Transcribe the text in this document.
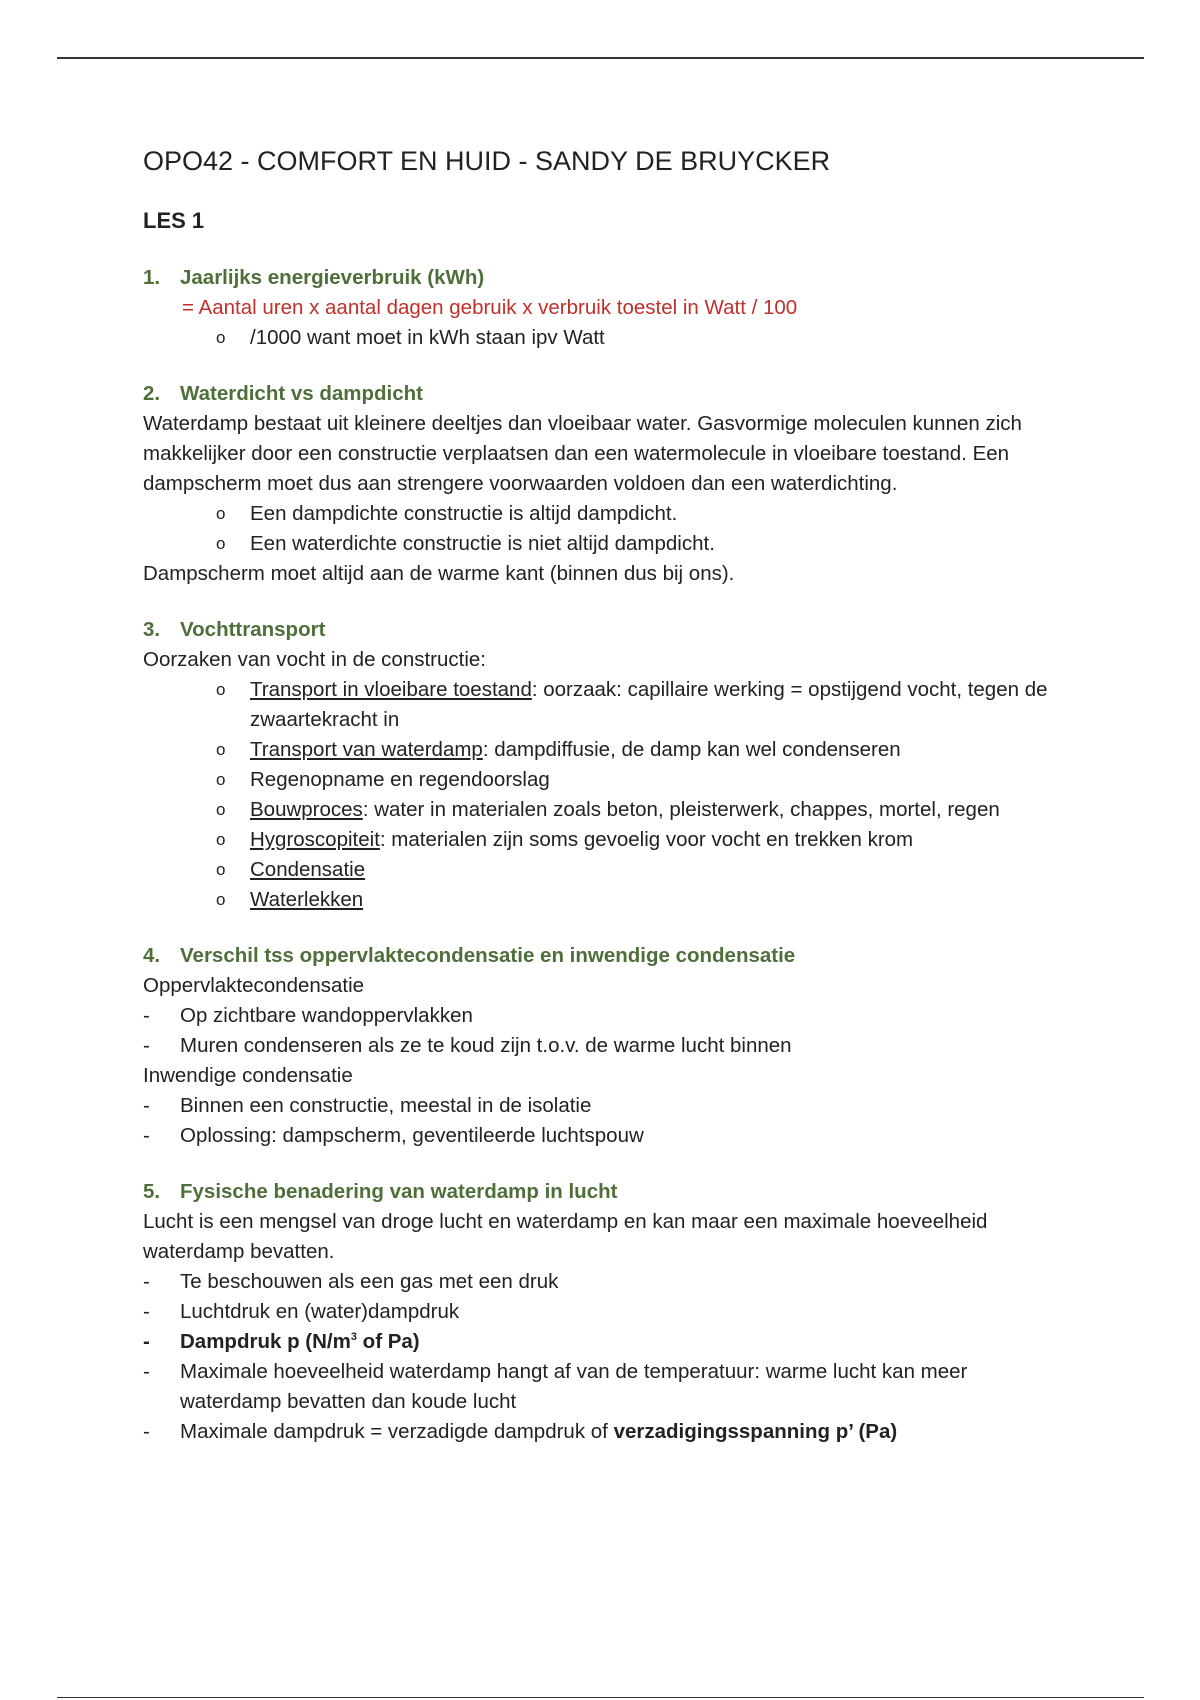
OPO42 - COMFORT EN HUID - SANDY DE BRUYCKER
LES 1
1. Jaarlijks energieverbruik (kWh)
= Aantal uren x aantal dagen gebruik x verbruik toestel in Watt / 100
o	/1000 want moet in kWh staan ipv Watt
2. Waterdicht vs dampdicht

Waterdamp bestaat uit kleinere deeltjes dan vloeibaar water. Gasvormige moleculen kunnen zich makkelijker door een constructie verplaatsen dan een watermolecule in vloeibare toestand. Een dampscherm moet dus aan strengere voorwaarden voldoen dan een waterdichting.

o	Een dampdichte constructie is altijd dampdicht.
o	Een waterdichte constructie is niet altijd dampdicht.

Dampscherm moet altijd aan de warme kant (binnen dus bij ons).

3. Vochttransport

Oorzaken van vocht in de constructie:

o	Transport in vloeibare toestand: oorzaak: capillaire werking = opstijgend vocht, tegen de zwaartekracht in
o	Transport van waterdamp: dampdiffusie, de damp kan wel condenseren
o	Regenopname en regendoorslag
o	Bouwproces: water in materialen zoals beton, pleisterwerk, chappes, mortel, regen
o	Hygroscopiteit: materialen zijn soms gevoelig voor vocht en trekken krom
o	Condensatie
o	Waterlekken
4. Verschil tss oppervlaktecondensatie en inwendige condensatie

Oppervlaktecondensatie

-	Op zichtbare wandoppervlakken
-	Muren condenseren als ze te koud zijn t.o.v. de warme lucht binnen

Inwendige condensatie

-	Binnen een constructie, meestal in de isolatie
-	Oplossing: dampscherm, geventileerde luchtspouw
5. Fysische benadering van waterdamp in lucht

Lucht is een mengsel van droge lucht en waterdamp en kan maar een maximale hoeveelheid waterdamp bevatten.

-	Te beschouwen als een gas met een druk
-	Luchtdruk en (water)dampdruk
-	Dampdruk p ($N/m^3$ of Pa)
-	Maximale hoeveelheid waterdamp hangt af van de temperatuur: warme lucht kan meer waterdamp bevatten dan koude lucht
-	Maximale dampdruk = verzadigde dampdruk of verzadigingsspanning p’ (Pa)
